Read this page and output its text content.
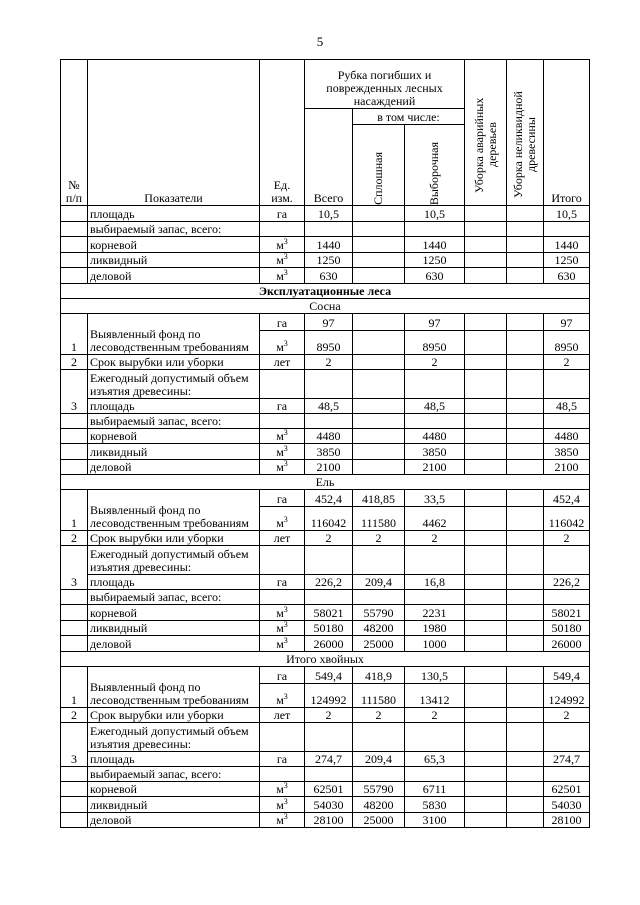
5
№ п/п	Показатели	Ед. изм.	Рубка погибших и поврежденных лесных насаждений			Уборка аварийных деревьев	Уборка неликвидной древесины	Итого
			Всего	в том числе:				

				Сплошная	Выборочная			

	площадь	га	10,5		10,5			10,5
	выбираемый запас, всего:							
	корневой	$м^3$	1440		1440			1440
	ликвидный	$м^3$	1250		1250			1250
	деловой	$м^3$	630		630			630
Эксплуатационные леса								
Сосна								
1	Выявленный фонд по лесоводственным требованиям	га	97		97			97
		$м^3$	8950		8950			8950
2	Срок вырубки или уборки	лет	2		2			2
3	Ежегодный допустимый объем изъятия древесины:							
	площадь	га	48,5		48,5			48,5
	выбираемый запас, всего:							
	корневой	$м^3$	4480		4480			4480
	ликвидный	$м^3$	3850		3850			3850
	деловой	$м^3$	2100		2100			2100
Ель								
1	Выявленный фонд по лесоводственным требованиям	га	452,4	418,85	33,5			452,4
		$м^3$	116042	111580	4462			116042
2	Срок вырубки или уборки	лет	2	2	2			2
3	Ежегодный допустимый объем изъятия древесины:							
	площадь	га	226,2	209,4	16,8			226,2
	выбираемый запас, всего:							
	корневой	$м^3$	58021	55790	2231			58021
	ликвидный	$м^3$	50180	48200	1980			50180
	деловой	$м^3$	26000	25000	1000			26000
Итого хвойных								
1	Выявленный фонд по лесоводственным требованиям	га	549,4	418,9	130,5			549,4
		$м^3$	124992	111580	13412			124992
2	Срок вырубки или уборки	лет	2	2	2			2
3	Ежегодный допустимый объем изъятия древесины:							
	площадь	га	274,7	209,4	65,3			274,7
	выбираемый запас, всего:							
	корневой	$м^3$	62501	55790	6711			62501
	ликвидный	$м^3$	54030	48200	5830			54030
	деловой	$м^3$	28100	25000	3100			28100
